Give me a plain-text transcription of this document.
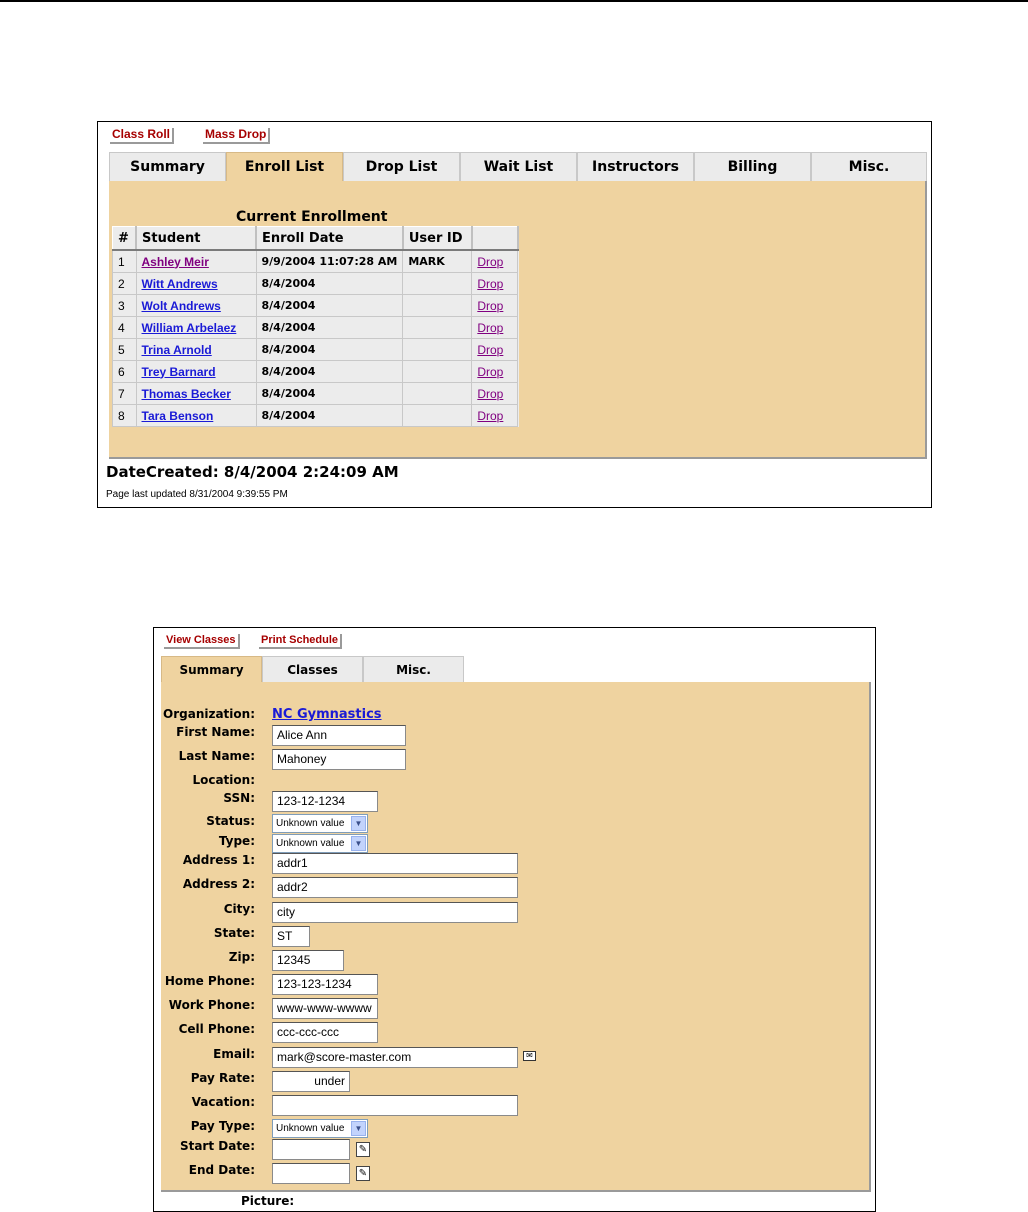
Class Roll	Mass Drop
Summary	Enroll List	Drop List	Wait List	Instructors	Billing	Misc.
Current Enrollment
#	Student	Enroll Date	User ID	
1	Ashley Meir	9/9/2004 11:07:28 AM	MARK	Drop
2	Witt Andrews	8/4/2004		Drop
3	Wolt Andrews	8/4/2004		Drop
4	William Arbelaez	8/4/2004		Drop
5	Trina Arnold	8/4/2004		Drop
6	Trey Barnard	8/4/2004		Drop
7	Thomas Becker	8/4/2004		Drop
8	Tara Benson	8/4/2004		Drop
DateCreated: 8/4/2004 2:24:09 AM
Page last updated 8/31/2004 9:39:55 PM
View Classes	Print Schedule
Summary	Classes	Misc.
Organization: NC Gymnastics
First Name:	Alice Ann
Last Name:	Mahoney
Location:
SSN:	123-12-1234
Status:	Unknown value	▼
Type:	Unknown value	▼
Address 1:	addr1
Address 2:	addr2
City:	city
State:	ST
Zip:	12345
Home Phone:	123-123-1234
Work Phone:	www-www-wwww
Cell Phone:	ccc-ccc-ccc
Email:	mark@score-master.com	✉
Pay Rate:	under
Vacation:
Pay Type:	Unknown value	▼
Start Date:	✎
End Date:	✎
Picture:
